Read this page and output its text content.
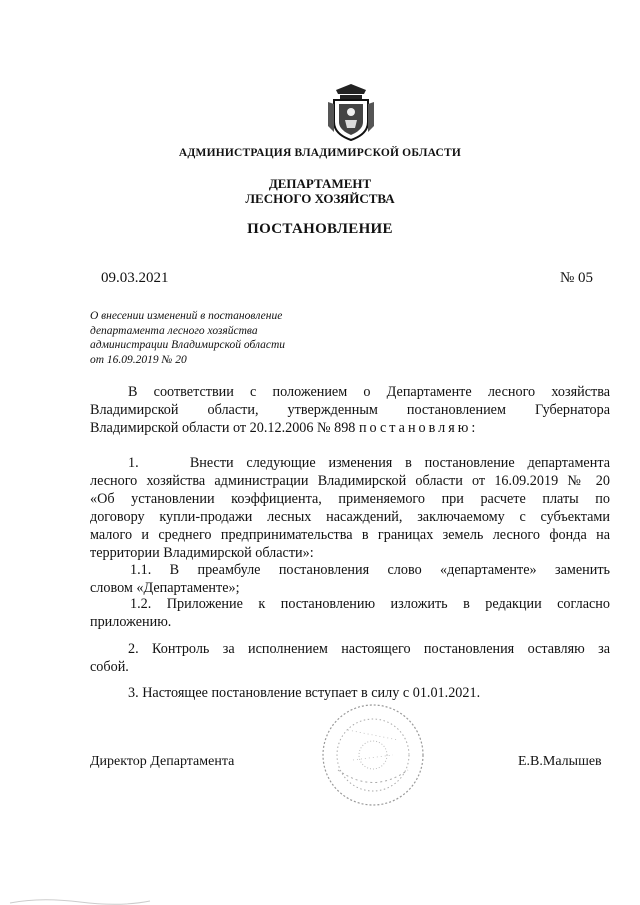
АДМИНИСТРАЦИЯ ВЛАДИМИРСКОЙ ОБЛАСТИ
ДЕПАРТАМЕНТ
ЛЕСНОГО ХОЗЯЙСТВА
ПОСТАНОВЛЕНИЕ
09.03.2021	№ 05
О внесении изменений в постановление
департамента лесного хозяйства
администрации Владимирской области
от 16.09.2019 № 20
В соответствии с положением о Департаменте лесного хозяйства
Владимирской области, утвержденным постановлением Губернатора
Владимирской области от 20.12.2006 № 898 постановляю:
1.    Внести следующие изменения в постановление департамента
лесного хозяйства администрации Владимирской области от 16.09.2019 № 20
«Об установлении коэффициента, применяемого при расчете платы по
договору купли-продажи лесных насаждений, заключаемому с субъектами
малого и среднего предпринимательства в границах земель лесного фонда на
территории Владимирской области»:
1.1. В преамбуле постановления слово «департаменте» заменить
словом «Департаменте»;
1.2. Приложение к постановлению изложить в редакции согласно
приложению.
2. Контроль за исполнением настоящего постановления оставляю за
собой.
3. Настоящее постановление вступает в силу с 01.01.2021.
Директор Департамента	Е.В.Малышев
